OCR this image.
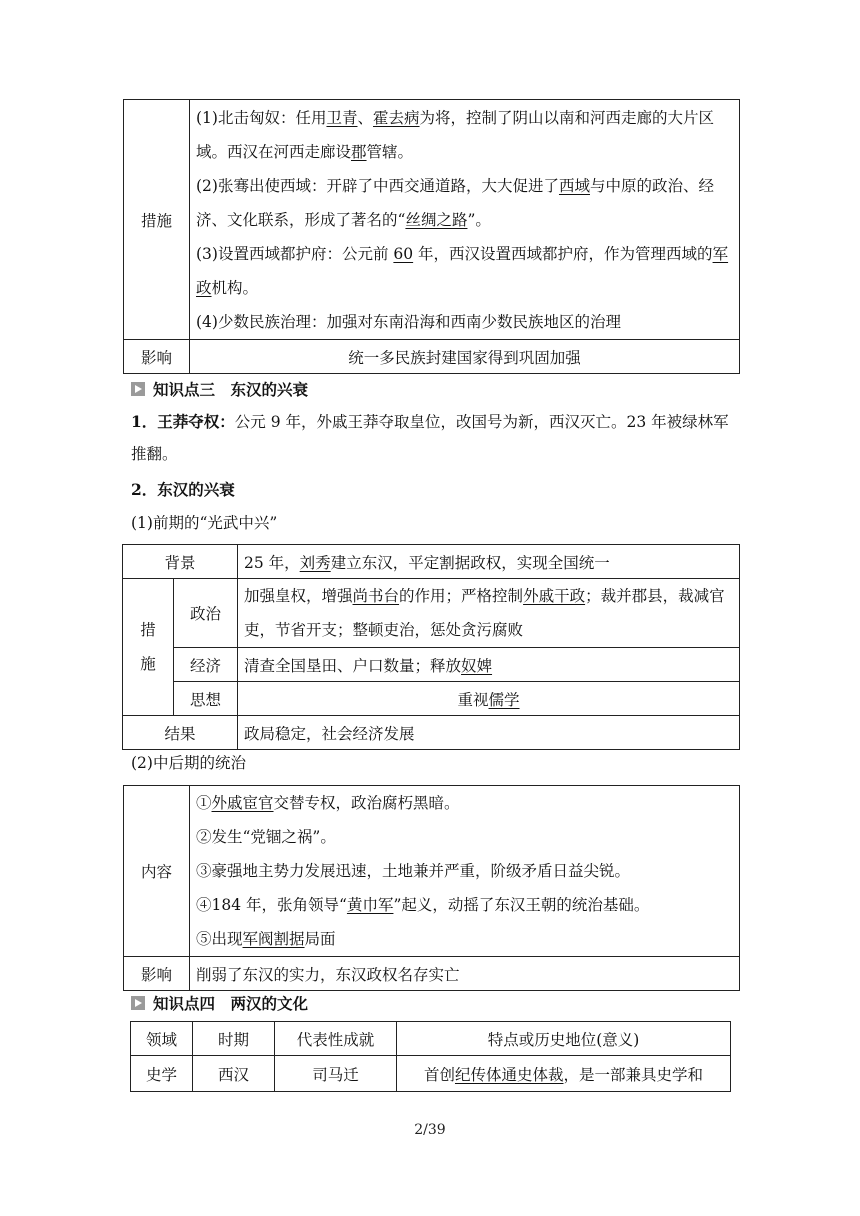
措施	(1)北击匈奴：任用卫青、霍去病为将，控制了阴山以南和河西走廊的大片区域。西汉在河西走廊设郡管辖。
(2)张骞出使西域：开辟了中西交通道路，大大促进了西域与中原的政治、经济、文化联系，形成了著名的“丝绸之路”。
(3)设置西域都护府：公元前 60 年，西汉设置西域都护府，作为管理西域的军政机构。
(4)少数民族治理：加强对东南沿海和西南少数民族地区的治理

影响	统一多民族封建国家得到巩固加强
知识点三　东汉的兴衰
1．王莽夺权：公元 9 年，外戚王莽夺取皇位，改国号为新，西汉灭亡。23 年被绿林军推翻。
2．东汉的兴衰
(1)前期的“光武中兴”
背景		25 年，刘秀建立东汉，平定割据政权，实现全国统一

措
施	政治	加强皇权，增强尚书台的作用；严格控制外戚干政；裁并郡县，裁减官吏，节省开支；整顿吏治，惩处贪污腐败
	经济	清查全国垦田、户口数量；释放奴婢
	思想	重视儒学
结果		政局稳定，社会经济发展
(2)中后期的统治
内容	①外戚宦官交替专权，政治腐朽黑暗。
②发生“党锢之祸”。
③豪强地主势力发展迅速，土地兼并严重，阶级矛盾日益尖锐。
④184 年，张角领导“黄巾军”起义，动摇了东汉王朝的统治基础。
⑤出现军阀割据局面

影响	削弱了东汉的实力，东汉政权名存实亡
知识点四　两汉的文化
领域	时期	代表性成就	特点或历史地位(意义)
史学	西汉	司马迁	首创纪传体通史体裁，是一部兼具史学和
2/39
